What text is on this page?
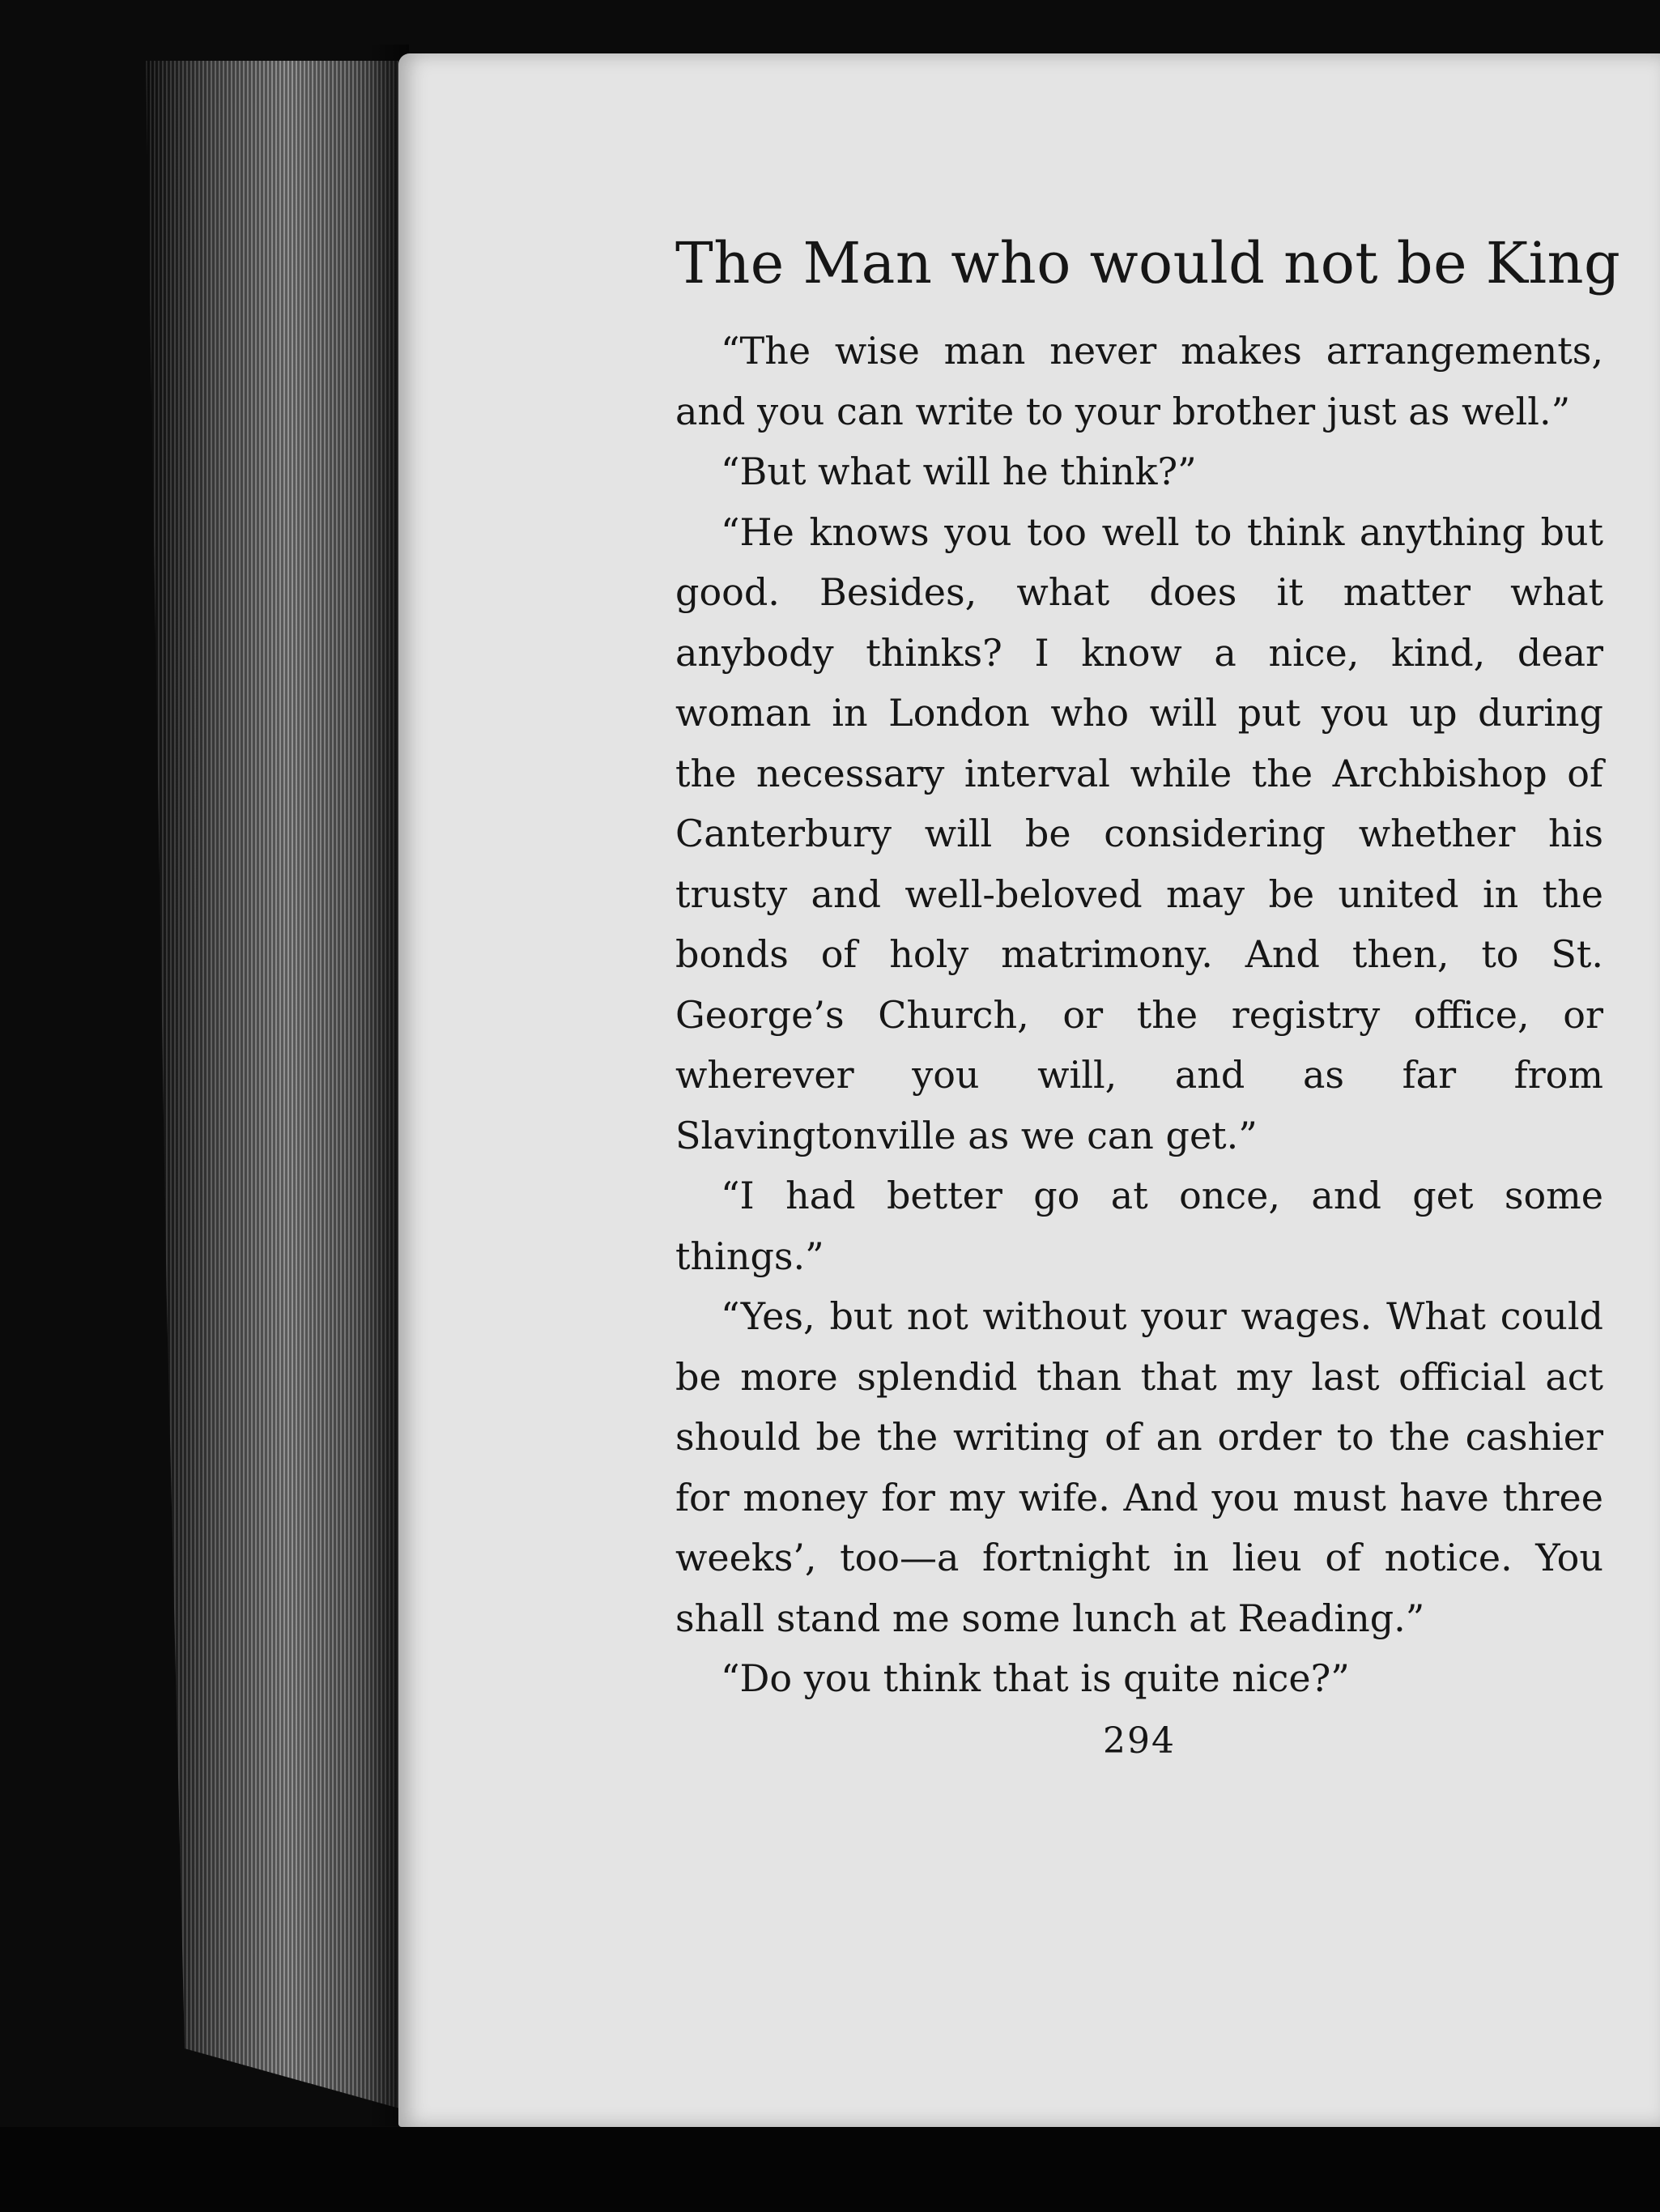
The Man who would not be King

“The wise man never makes arrangements, and you can write to your brother just as well.”

“But what will he think?”

“He knows you too well to think anything but good. Besides, what does it matter what anybody thinks? I know a nice, kind, dear woman in London who will put you up during the necessary interval while the Archbishop of Canterbury will be considering whether his trusty and well-beloved may be united in the bonds of holy matrimony. And then, to St. George’s Church, or the registry office, or wherever you will, and as far from Slavingtonville as we can get.”

“I had better go at once, and get some things.”

“Yes, but not without your wages. What could be more splendid than that my last official act should be the writing of an order to the cashier for money for my wife. And you must have three weeks’, too—a fortnight in lieu of notice. You shall stand me some lunch at Reading.”

“Do you think that is quite nice?”

294
